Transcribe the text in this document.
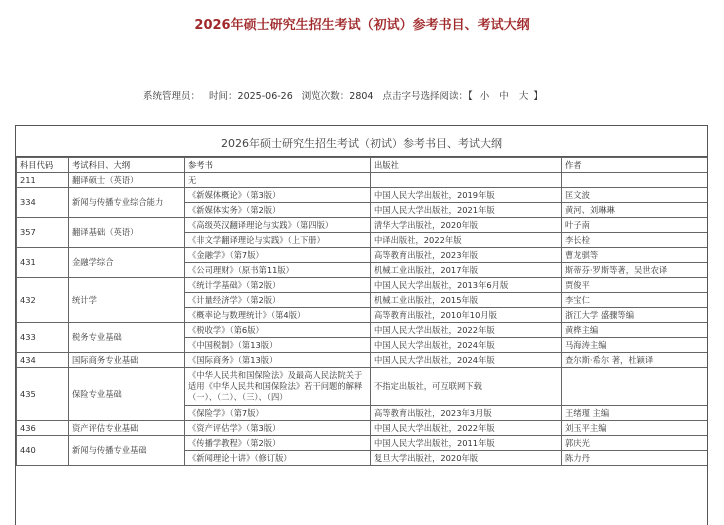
2026年硕士研究生招生考试（初试）参考书目、考试大纲
系统管理员： 时间：2025-06-26 浏览次数：2804 点击字号选择阅读：【 小 中 大 】
2026年硕士研究生招生考试（初试）参考书目、考试大纲
科目代码	考试科目、大纲	参考书	出版社	作者
211	翻译硕士（英语）	无		
334	新闻与传播专业综合能力	《新媒体概论》（第3版）	中国人民大学出版社，2019年版	匡文波
		《新媒体实务》（第2版）	中国人民大学出版社，2021年版	黄河、刘琳琳
357	翻译基础（英语）	《高级英汉翻译理论与实践》（第四版）	清华大学出版社，2020年版	叶子南
		《非文学翻译理论与实践》（上下册）	中译出版社，2022年版	李长栓
431	金融学综合	《金融学》（第7版）	高等教育出版社，2023年版	曹龙骐等
		《公司理财》（原书第11版）	机械工业出版社，2017年版	斯蒂芬·罗斯等著，吴世农译
432	统计学	《统计学基础》（第2版）	中国人民大学出版社，2013年6月版	贾俊平
		《计量经济学》（第2版）	机械工业出版社，2015年版	李宝仁
		《概率论与数理统计》（第4版）	高等教育出版社，2010年10月版	浙江大学 盛骤等编
433	税务专业基础	《税收学》（第6版）	中国人民大学出版社，2022年版	黄桦主编
		《中国税制》（第13版）	中国人民大学出版社，2024年版	马海涛主编
434	国际商务专业基础	《国际商务》（第13版）	中国人民大学出版社，2024年版	查尔斯·希尔 著，杜颖译
435	保险专业基础	《中华人民共和国保险法》及最高人民法院关于适用《中华人民共和国保险法》若干问题的解释（一）、（二）、（三）、（四）	不指定出版社，可互联网下载	
		《保险学》（第7版）	高等教育出版社，2023年3月版	王绪瑾 主编
436	资产评估专业基础	《资产评估学》（第3版）	中国人民大学出版社，2022年版	刘玉平主编
440	新闻与传播专业基础	《传播学教程》（第2版）	中国人民大学出版社，2011年版	郭庆光
		《新闻理论十讲》（修订版）	复旦大学出版社，2020年版	陈力丹
